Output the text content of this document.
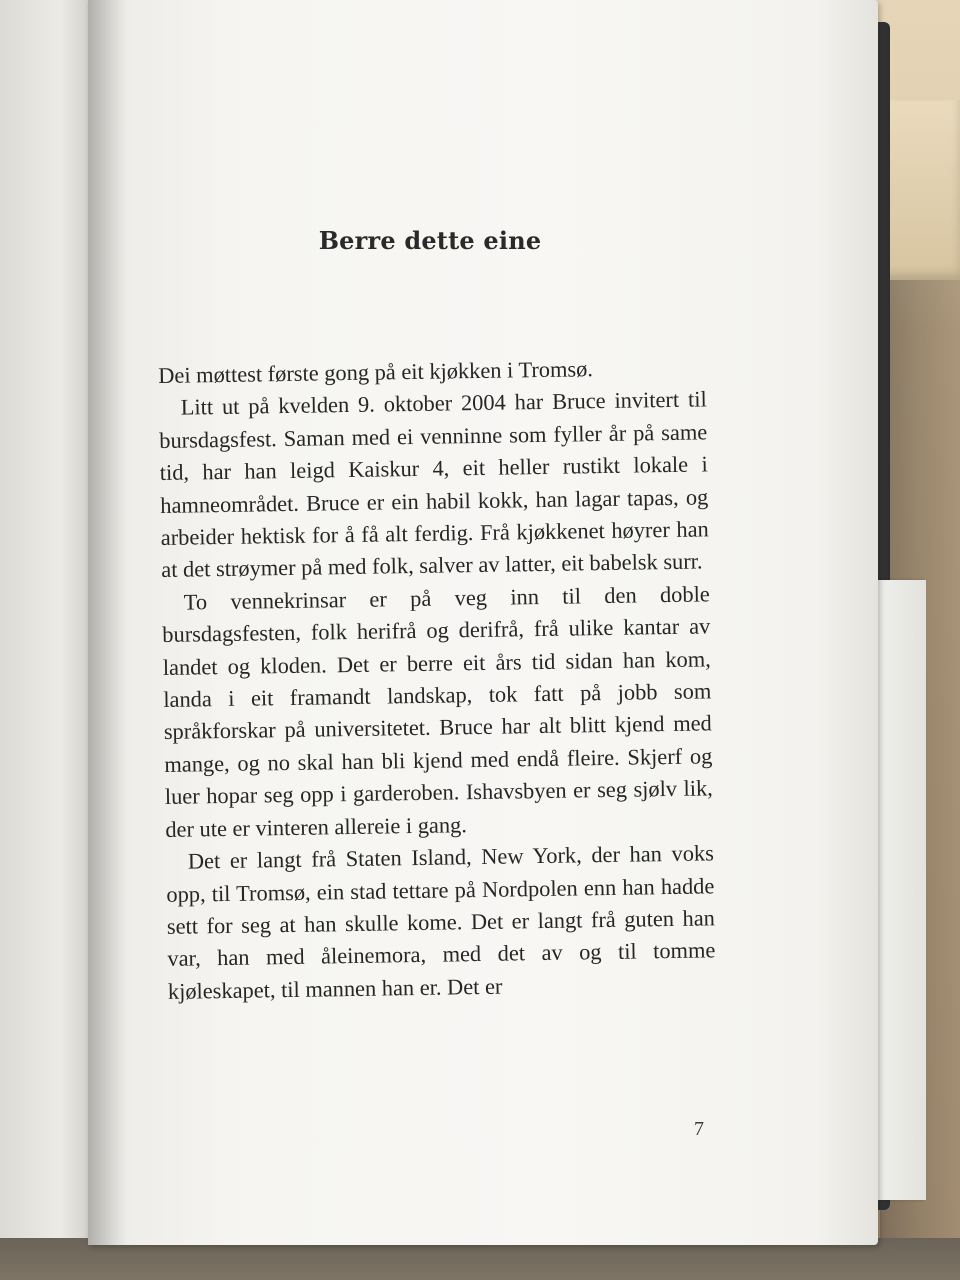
Berre dette eine

Dei møttest første gong på eit kjøkken i Tromsø.

Litt ut på kvelden 9. oktober 2004 har Bruce invitert til bursdagsfest. Saman med ei venninne som fyller år på same tid, har han leigd Kaiskur 4, eit heller rustikt lokale i hamneområdet. Bruce er ein habil kokk, han lagar tapas, og arbeider hektisk for å få alt ferdig. Frå kjøkkenet høyrer han at det strøymer på med folk, salver av latter, eit babelsk surr.

To vennekrinsar er på veg inn til den doble bursdagsfesten, folk herifrå og derifrå, frå ulike kantar av landet og kloden. Det er berre eit års tid sidan han kom, landa i eit framandt landskap, tok fatt på jobb som språkforskar på universitetet. Bruce har alt blitt kjend med mange, og no skal han bli kjend med endå fleire. Skjerf og luer hopar seg opp i garderoben. Ishavsbyen er seg sjølv lik, der ute er vinteren allereie i gang.

Det er langt frå Staten Island, New York, der han voks opp, til Tromsø, ein stad tettare på Nordpolen enn han hadde sett for seg at han skulle kome. Det er langt frå guten han var, han med åleinemora, med det av og til tomme kjøleskapet, til mannen han er. Det er

7
